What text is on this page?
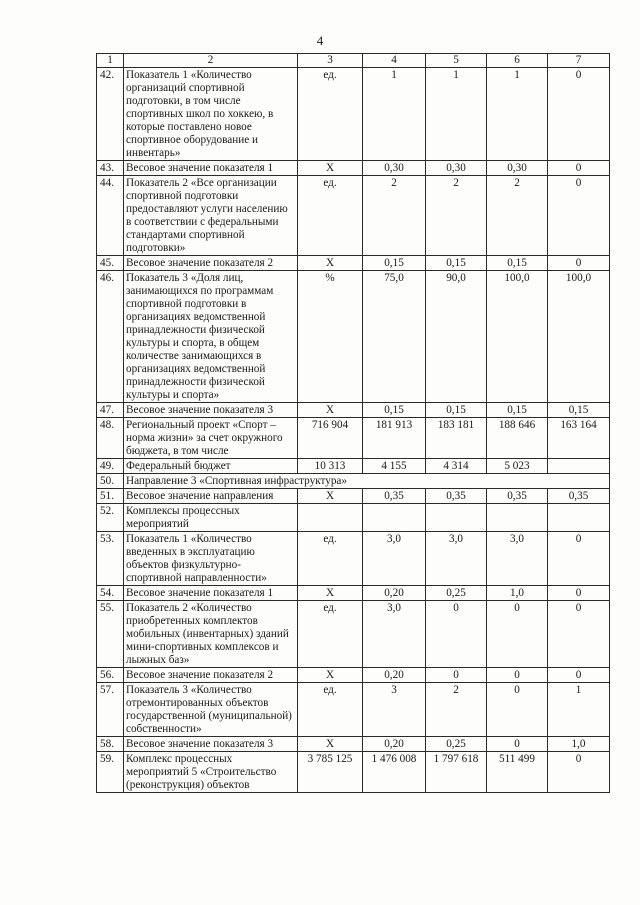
4
1	2	3	4	5	6	7
42.	Показатель 1 «Количество организаций спортивной подготовки, в том числе спортивных школ по хоккею, в которые поставлено новое спортивное оборудование и инвентарь»	ед.	1	1	1	0
43.	Весовое значение показателя 1	Х	0,30	0,30	0,30	0
44.	Показатель 2 «Все организации спортивной подготовки предоставляют услуги населению в соответствии с федеральными стандартами спортивной подготовки»	ед.	2	2	2	0
45.	Весовое значение показателя 2	Х	0,15	0,15	0,15	0
46.	Показатель 3 «Доля лиц, занимающихся по программам спортивной подготовки в организациях ведомственной принадлежности физической культуры и спорта, в общем количестве занимающихся в организациях ведомственной принадлежности физической культуры и спорта»	%	75,0	90,0	100,0	100,0
47.	Весовое значение показателя 3	Х	0,15	0,15	0,15	0,15
48.	Региональный проект «Спорт – норма жизни» за счет окружного бюджета, в том числе	716 904	181 913	183 181	188 646	163 164
49.	Федеральный бюджет	10 313	4 155	4 314	5 023	
50.	Направление 3 «Спортивная инфраструктура»					
51.	Весовое значение направления	Х	0,35	0,35	0,35	0,35
52.	Комплексы процессных мероприятий					
53.	Показатель 1 «Количество введенных в эксплуатацию объектов физкультурно-спортивной направленности»	ед.	3,0	3,0	3,0	0
54.	Весовое значение показателя 1	Х	0,20	0,25	1,0	0
55.	Показатель 2 «Количество приобретенных комплектов мобильных (инвентарных) зданий мини-спортивных комплексов и лыжных баз»	ед.	3,0	0	0	0
56.	Весовое значение показателя 2	Х	0,20	0	0	0
57.	Показатель 3 «Количество отремонтированных объектов государственной (муниципальной) собственности»	ед.	3	2	0	1
58.	Весовое значение показателя 3	Х	0,20	0,25	0	1,0
59.	Комплекс процессных мероприятий 5 «Строительство (реконструкция) объектов	3 785 125	1 476 008	1 797 618	511 499	0
